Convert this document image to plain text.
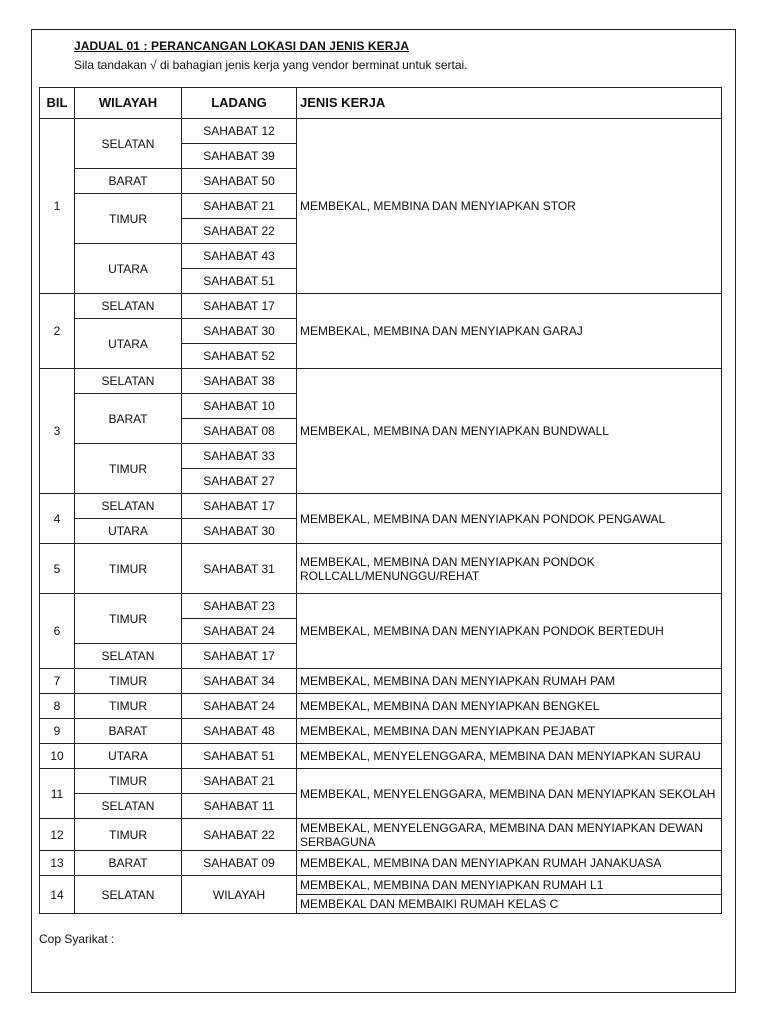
JADUAL 01 : PERANCANGAN LOKASI DAN JENIS KERJA
Sila tandakan √ di bahagian jenis kerja yang vendor berminat untuk sertai.
BIL	WILAYAH	LADANG	JENIS KERJA
1	SELATAN	SAHABAT 12	MEMBEKAL, MEMBINA DAN MENYIAPKAN STOR
		SAHABAT 39	
	BARAT	SAHABAT 50	
	TIMUR	SAHABAT 21	
		SAHABAT 22	
	UTARA	SAHABAT 43	
		SAHABAT 51	
2	SELATAN	SAHABAT 17	MEMBEKAL, MEMBINA DAN MENYIAPKAN GARAJ
	UTARA	SAHABAT 30	
		SAHABAT 52	
3	SELATAN	SAHABAT 38	MEMBEKAL, MEMBINA DAN MENYIAPKAN BUNDWALL
	BARAT	SAHABAT 10	
		SAHABAT 08	
	TIMUR	SAHABAT 33	
		SAHABAT 27	
4	SELATAN	SAHABAT 17	MEMBEKAL, MEMBINA DAN MENYIAPKAN PONDOK PENGAWAL
	UTARA	SAHABAT 30	
5	TIMUR	SAHABAT 31	MEMBEKAL, MEMBINA DAN MENYIAPKAN PONDOK ROLLCALL/MENUNGGU/REHAT
6	TIMUR	SAHABAT 23	MEMBEKAL, MEMBINA DAN MENYIAPKAN PONDOK BERTEDUH
		SAHABAT 24	
	SELATAN	SAHABAT 17	
7	TIMUR	SAHABAT 34	MEMBEKAL, MEMBINA DAN MENYIAPKAN RUMAH PAM
8	TIMUR	SAHABAT 24	MEMBEKAL, MEMBINA DAN MENYIAPKAN BENGKEL
9	BARAT	SAHABAT 48	MEMBEKAL, MEMBINA DAN MENYIAPKAN PEJABAT
10	UTARA	SAHABAT 51	MEMBEKAL, MENYELENGGARA, MEMBINA DAN MENYIAPKAN SURAU
11	TIMUR	SAHABAT 21	MEMBEKAL, MENYELENGGARA, MEMBINA DAN MENYIAPKAN SEKOLAH
	SELATAN	SAHABAT 11	
12	TIMUR	SAHABAT 22	MEMBEKAL, MENYELENGGARA, MEMBINA DAN MENYIAPKAN DEWAN SERBAGUNA
13	BARAT	SAHABAT 09	MEMBEKAL, MEMBINA DAN MENYIAPKAN RUMAH JANAKUASA
14	SELATAN	WILAYAH	MEMBEKAL, MEMBINA DAN MENYIAPKAN RUMAH L1
			MEMBEKAL DAN MEMBAIKI RUMAH KELAS C
Cop Syarikat :
